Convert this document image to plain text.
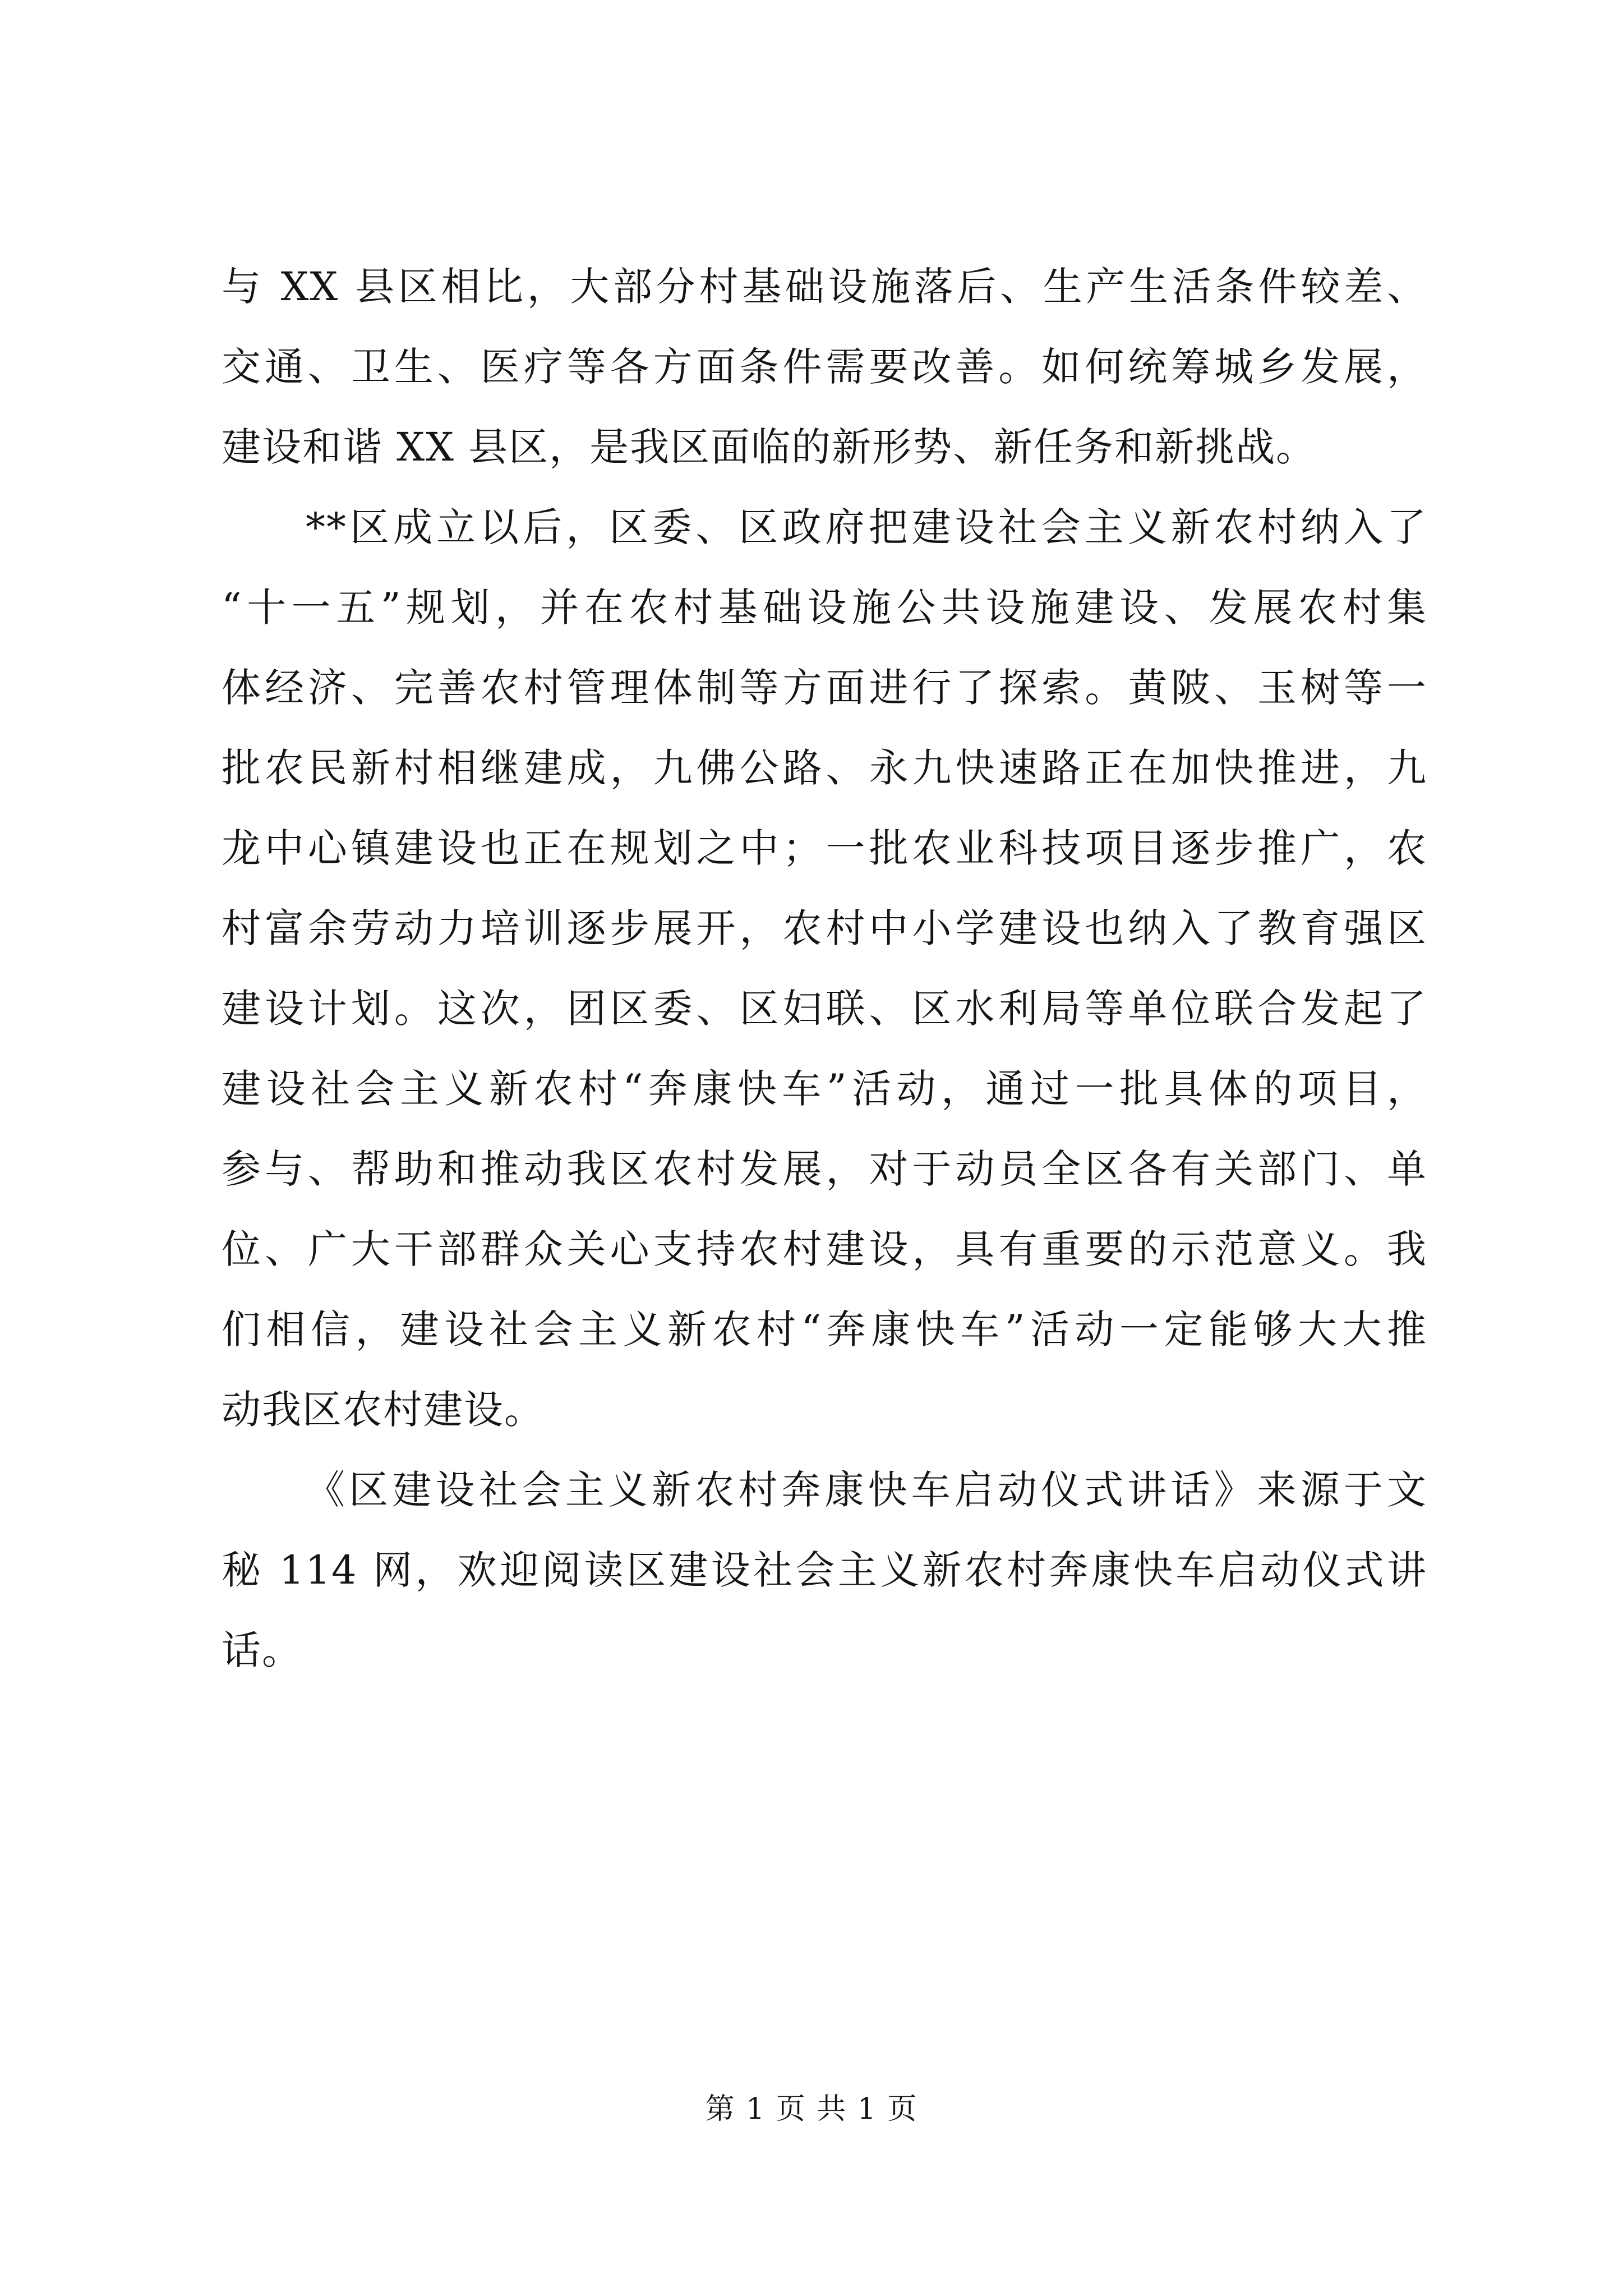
与 XX 县区相比，大部分村基础设施落后、生产生活条件较差、
交通、卫生、医疗等各方面条件需要改善。如何统筹城乡发展，
建设和谐 XX 县区，是我区面临的新形势、新任务和新挑战。
**区成立以后，区委、区政府把建设社会主义新农村纳入了
“十一五”规划，并在农村基础设施公共设施建设、发展农村集
体经济、完善农村管理体制等方面进行了探索。黄陂、玉树等一
批农民新村相继建成，九佛公路、永九快速路正在加快推进，九
龙中心镇建设也正在规划之中；一批农业科技项目逐步推广，农
村富余劳动力培训逐步展开，农村中小学建设也纳入了教育强区
建设计划。这次，团区委、区妇联、区水利局等单位联合发起了
建设社会主义新农村“奔康快车”活动，通过一批具体的项目，
参与、帮助和推动我区农村发展，对于动员全区各有关部门、单
位、广大干部群众关心支持农村建设，具有重要的示范意义。我
们相信，建设社会主义新农村“奔康快车”活动一定能够大大推
动我区农村建设。
《区建设社会主义新农村奔康快车启动仪式讲话》来源于文
秘 114 网，欢迎阅读区建设社会主义新农村奔康快车启动仪式讲
话。
第 1 页 共 1 页
